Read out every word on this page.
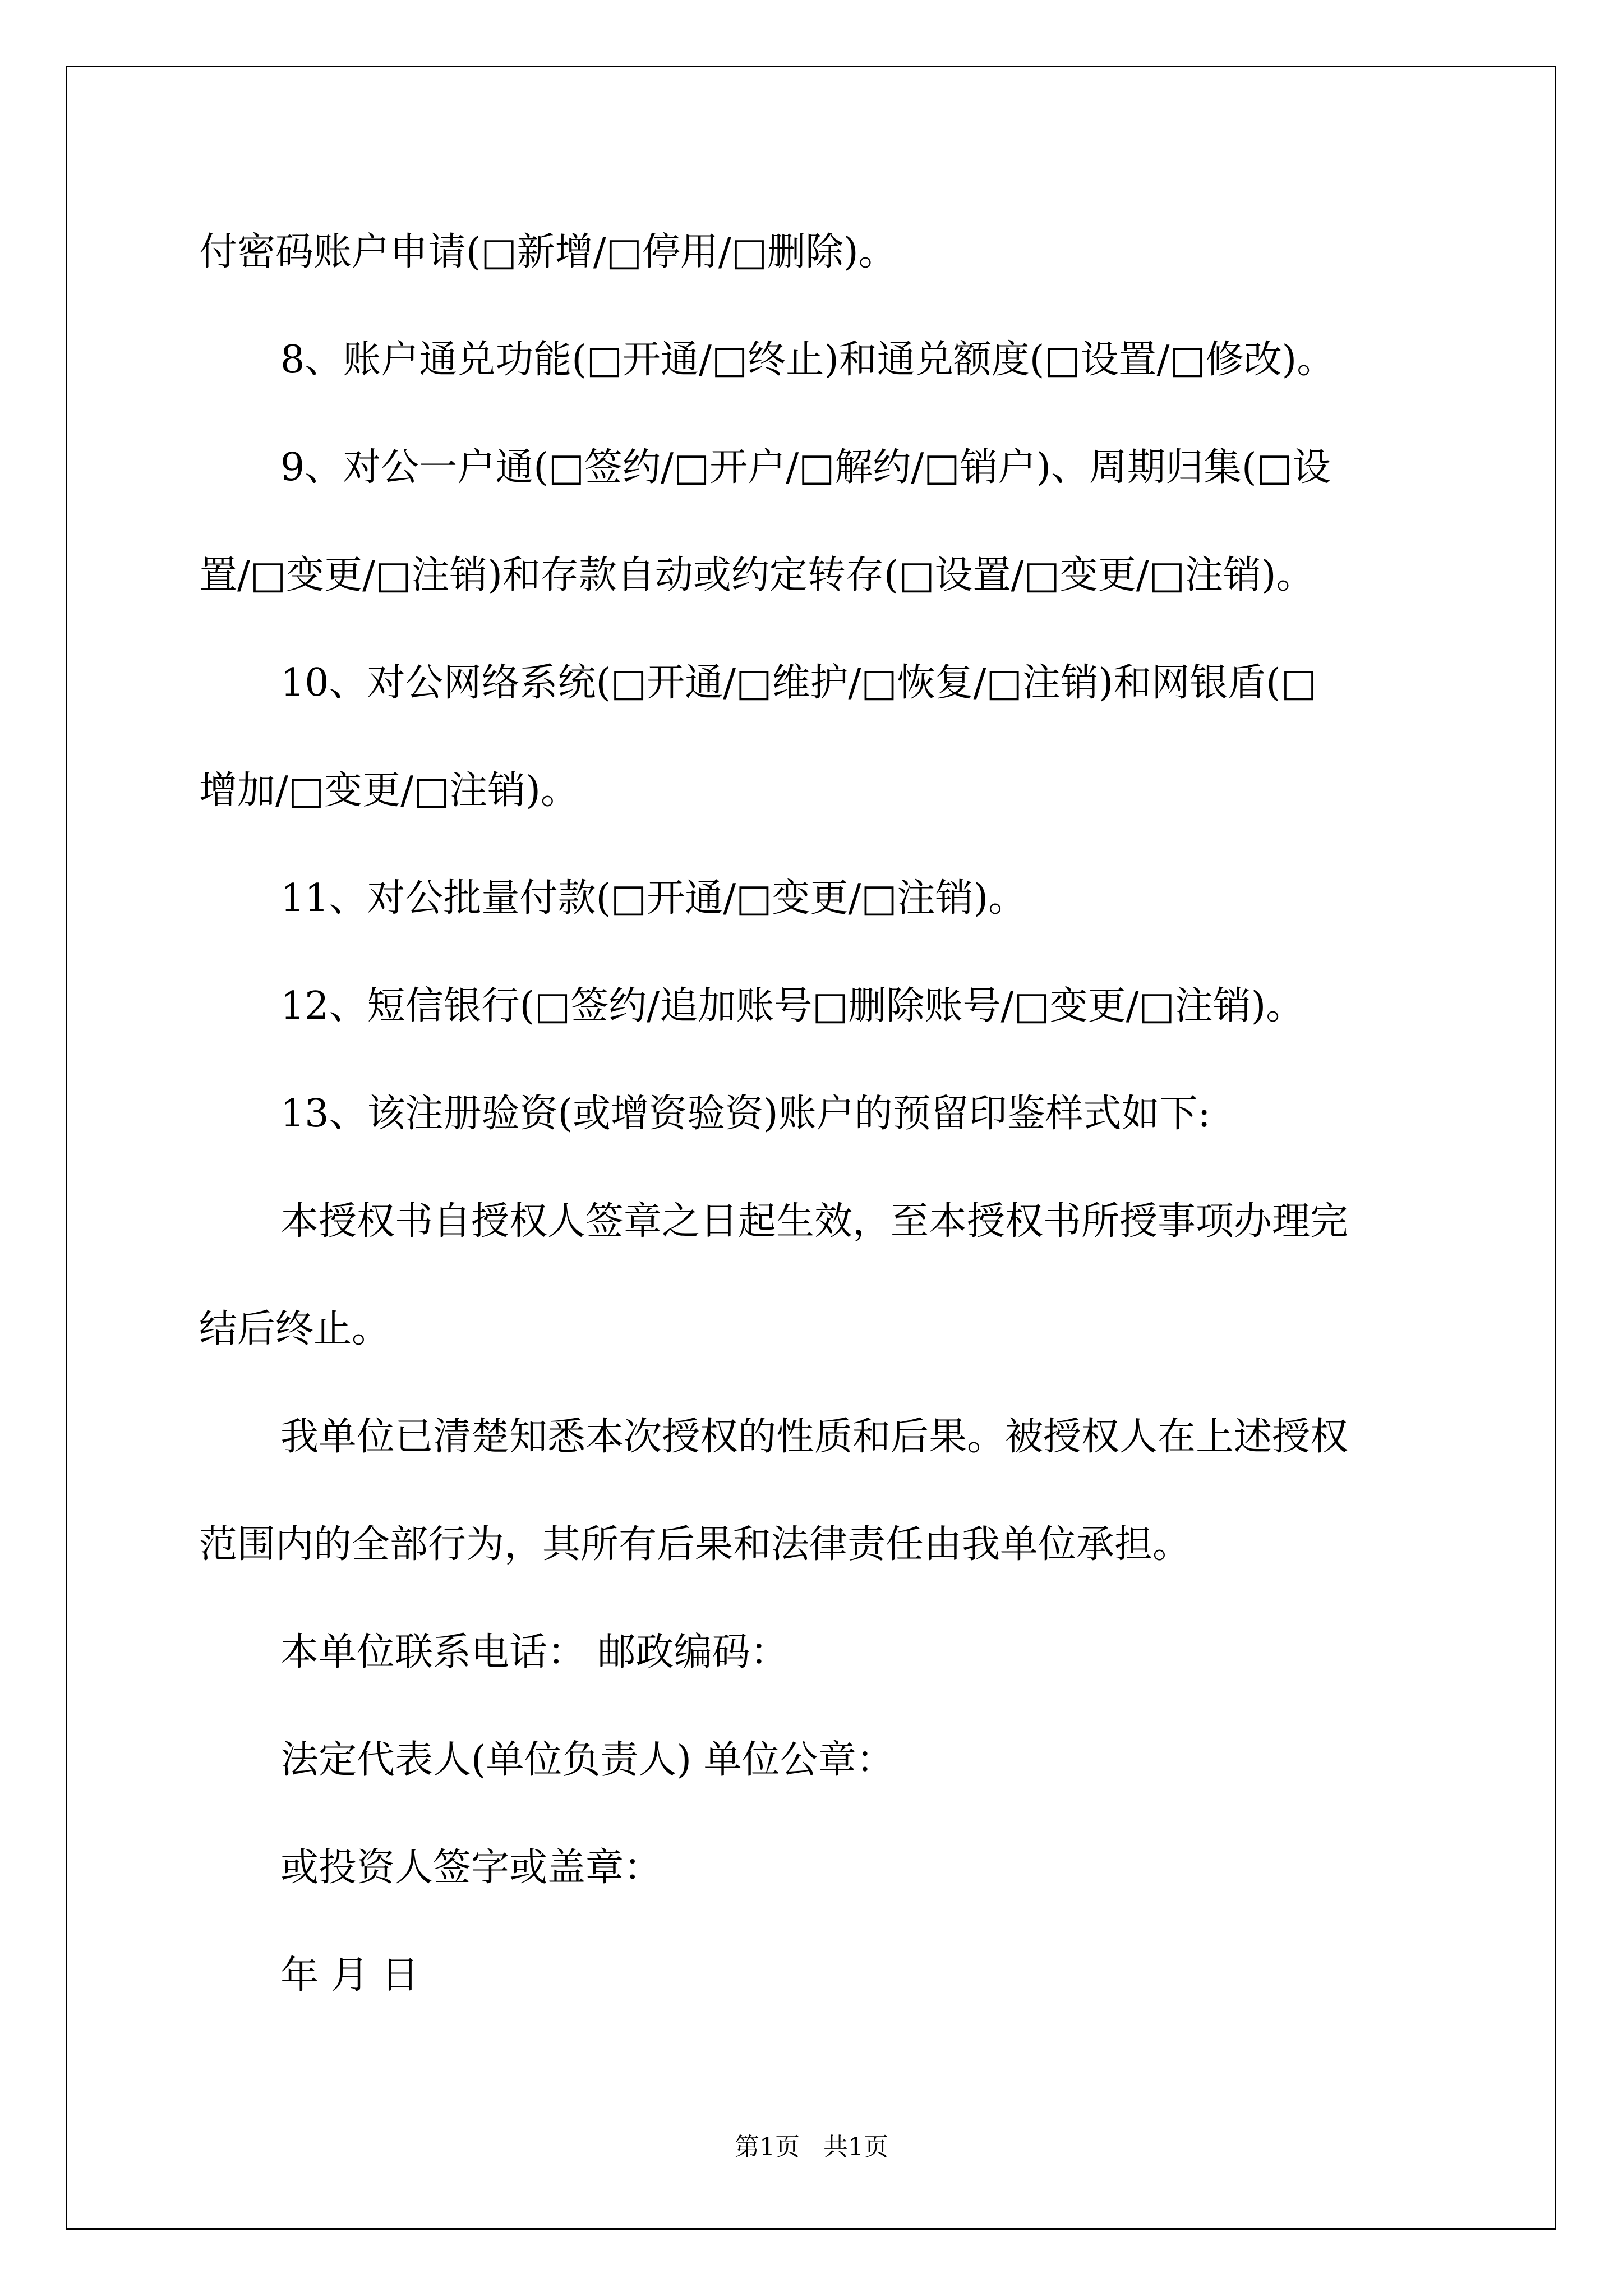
付密码账户申请(□新增/□停用/□删除)。

8、账户通兑功能(□开通/□终止)和通兑额度(□设置/□修改)。

9、对公一户通(□签约/□开户/□解约/□销户)、周期归集(□设

置/□变更/□注销)和存款自动或约定转存(□设置/□变更/□注销)。

10、对公网络系统(□开通/□维护/□恢复/□注销)和网银盾(□

增加/□变更/□注销)。

11、对公批量付款(□开通/□变更/□注销)。

12、短信银行(□签约/追加账号□删除账号/□变更/□注销)。

13、该注册验资(或增资验资)账户的预留印鉴样式如下:

本授权书自授权人签章之日起生效，至本授权书所授事项办理完

结后终止。

我单位已清楚知悉本次授权的性质和后果。被授权人在上述授权

范围内的全部行为，其所有后果和法律责任由我单位承担。

本单位联系电话： 邮政编码：

法定代表人(单位负责人) 单位公章：

或投资人签字或盖章：

年 月 日

第1页 共1页
